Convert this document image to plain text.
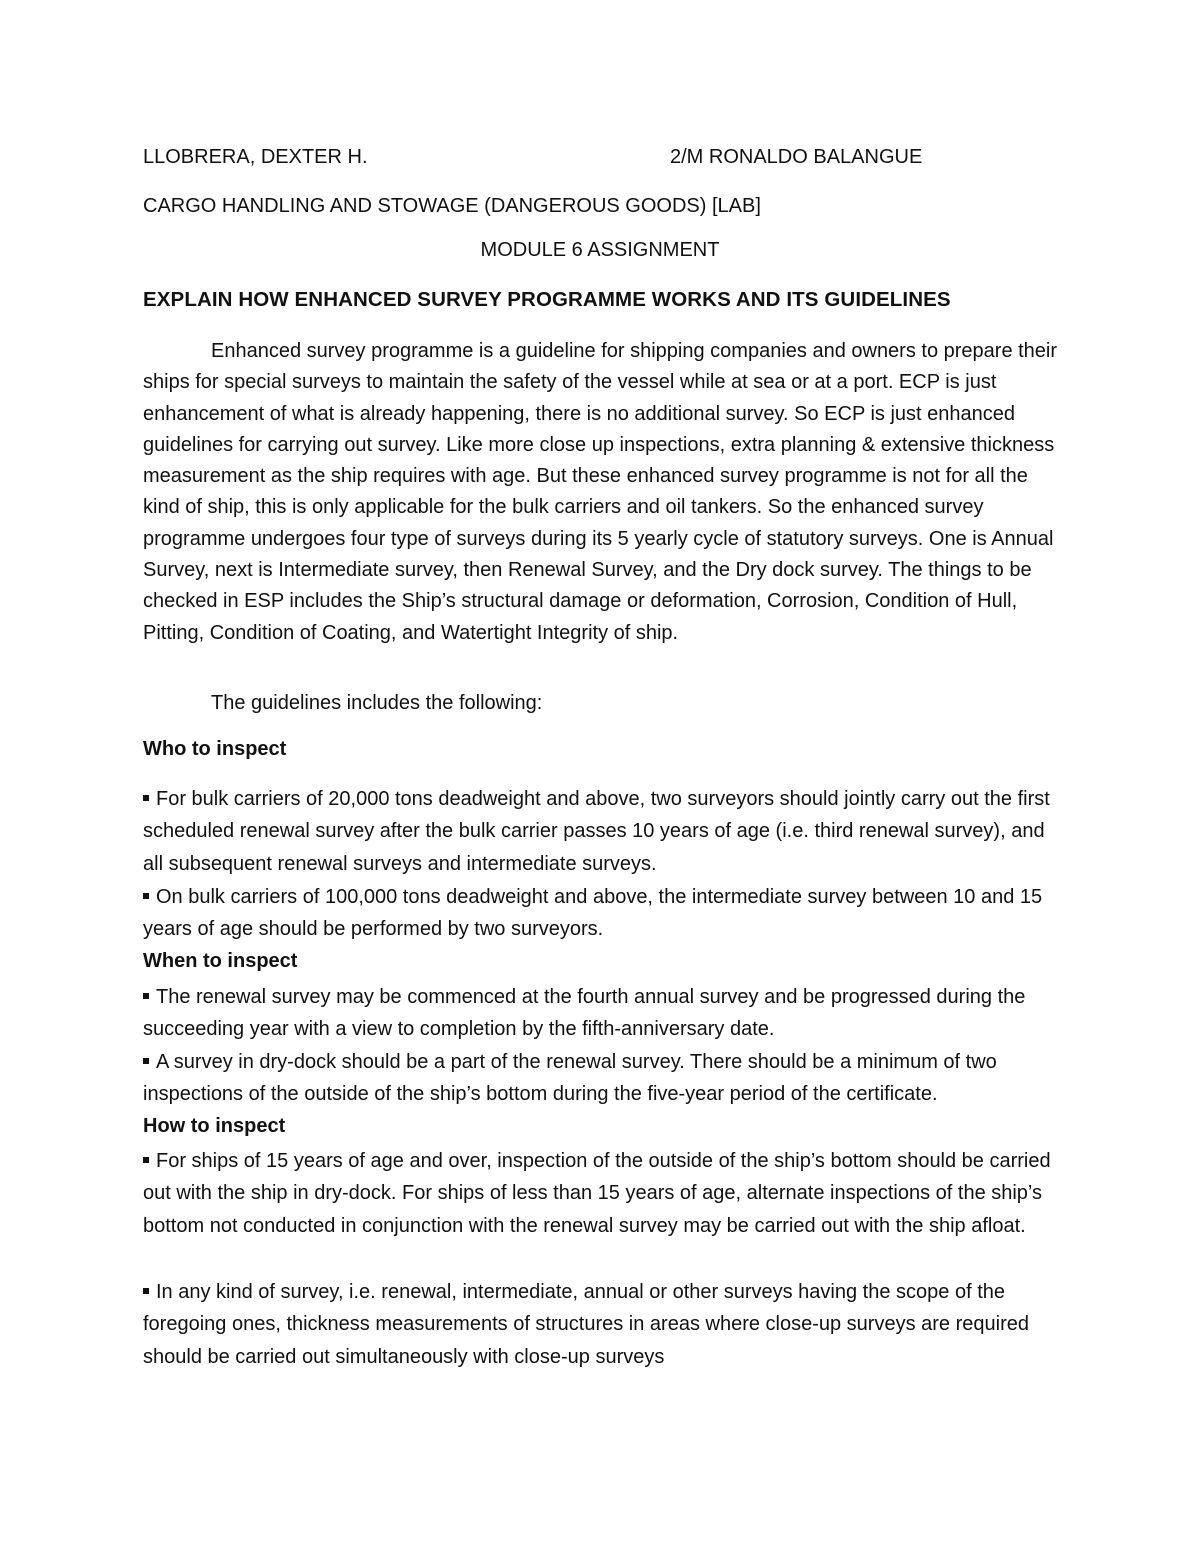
LLOBRERA, DEXTER H.	2/M RONALDO BALANGUE
CARGO HANDLING AND STOWAGE (DANGEROUS GOODS) [LAB]
MODULE 6 ASSIGNMENT
EXPLAIN HOW ENHANCED SURVEY PROGRAMME WORKS AND ITS GUIDELINES
Enhanced survey programme is a guideline for shipping companies and owners to prepare their ships for special surveys to maintain the safety of the vessel while at sea or at a port. ECP is just enhancement of what is already happening, there is no additional survey. So ECP is just enhanced guidelines for carrying out survey. Like more close up inspections, extra planning & extensive thickness measurement as the ship requires with age. But these enhanced survey programme is not for all the kind of ship, this is only applicable for the bulk carriers and oil tankers. So the enhanced survey programme undergoes four type of surveys during its 5 yearly cycle of statutory surveys. One is Annual Survey, next is Intermediate survey, then Renewal Survey, and the Dry dock survey. The things to be checked in ESP includes the Ship’s structural damage or deformation, Corrosion, Condition of Hull, Pitting, Condition of Coating, and Watertight Integrity of ship.
The guidelines includes the following:
Who to inspect
For bulk carriers of 20,000 tons deadweight and above, two surveyors should jointly carry out the first scheduled renewal survey after the bulk carrier passes 10 years of age (i.e. third renewal survey), and all subsequent renewal surveys and intermediate surveys.
On bulk carriers of 100,000 tons deadweight and above, the intermediate survey between 10 and 15 years of age should be performed by two surveyors.
When to inspect
The renewal survey may be commenced at the fourth annual survey and be progressed during the succeeding year with a view to completion by the fifth-anniversary date.
A survey in dry-dock should be a part of the renewal survey. There should be a minimum of two inspections of the outside of the ship’s bottom during the five-year period of the certificate.
How to inspect
For ships of 15 years of age and over, inspection of the outside of the ship’s bottom should be carried out with the ship in dry-dock. For ships of less than 15 years of age, alternate inspections of the ship’s bottom not conducted in conjunction with the renewal survey may be carried out with the ship afloat.
In any kind of survey, i.e. renewal, intermediate, annual or other surveys having the scope of the foregoing ones, thickness measurements of structures in areas where close-up surveys are required should be carried out simultaneously with close-up surveys
